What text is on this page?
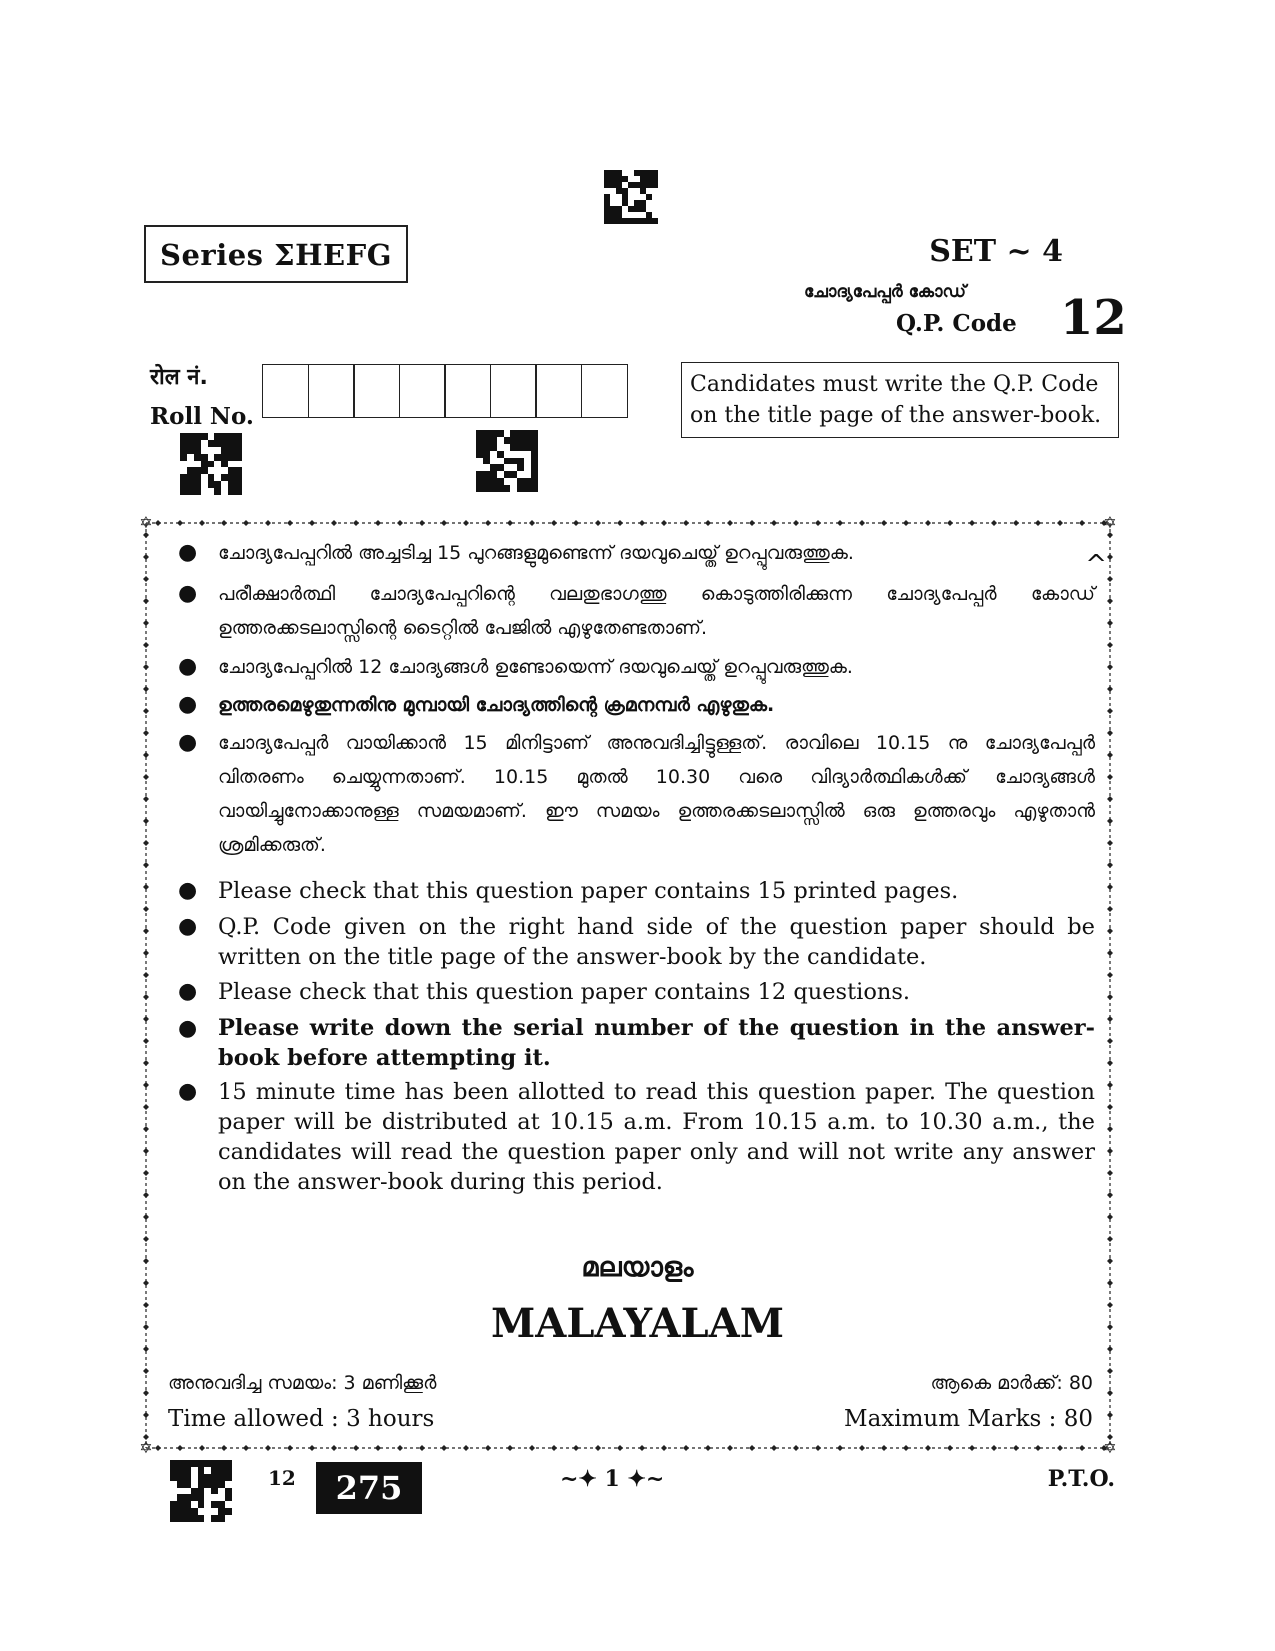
Series ΣHEFG	SET ~ 4
ചോദ്യപേപ്പർ കോഡ്
Q.P. Code 12
रोल नं.
Roll No.
Candidates must write the Q.P. Code on the title page of the answer-book.
✡	✡
✡	✡
^
●	ചോദ്യപേപ്പറിൽ അച്ചടിച്ച 15 പുറങ്ങളുമുണ്ടെന്ന് ദയവുചെയ്ത് ഉറപ്പുവരുത്തുക.
●	പരീക്ഷാർത്ഥി ചോദ്യപേപ്പറിന്റെ വലതുഭാഗത്തു കൊടുത്തിരിക്കുന്ന ചോദ്യപേപ്പർ കോഡ് ഉത്തരക്കടലാസ്സിന്റെ ടൈറ്റിൽ പേജിൽ എഴുതേണ്ടതാണ്.
●	ചോദ്യപേപ്പറിൽ 12 ചോദ്യങ്ങൾ ഉണ്ടോയെന്ന് ദയവുചെയ്ത് ഉറപ്പുവരുത്തുക.
●	ഉത്തരമെഴുതുന്നതിനു മുമ്പായി ചോദ്യത്തിന്റെ ക്രമനമ്പർ എഴുതുക.
●	ചോദ്യപേപ്പർ വായിക്കാൻ 15 മിനിട്ടാണ് അനുവദിച്ചിട്ടുള്ളത്. രാവിലെ 10.15 നു ചോദ്യപേപ്പർ വിതരണം ചെയ്യുന്നതാണ്. 10.15 മുതൽ 10.30 വരെ വിദ്യാർത്ഥികൾക്ക് ചോദ്യങ്ങൾ വായിച്ചുനോക്കാനുള്ള സമയമാണ്. ഈ സമയം ഉത്തരക്കടലാസ്സിൽ ഒരു ഉത്തരവും എഴുതാൻ ശ്രമിക്കരുത്.
● Please check that this question paper contains 15 printed pages.
● Q.P. Code given on the right hand side of the question paper should be written on the title page of the answer-book by the candidate.
● Please check that this question paper contains 12 questions.
● Please write down the serial number of the question in the answer-book before attempting it.
● 15 minute time has been allotted to read this question paper. The question paper will be distributed at 10.15 a.m. From 10.15 a.m. to 10.30 a.m., the candidates will read the question paper only and will not write any answer on the answer-book during this period.
മലയാളം
MALAYALAM
അനുവദിച്ച സമയം: 3 മണിക്കൂർ
Time allowed : 3 hours
ആകെ മാർക്ക്: 80
Maximum Marks : 80
12	275	~✦ 1 ✦~	P.T.O.
